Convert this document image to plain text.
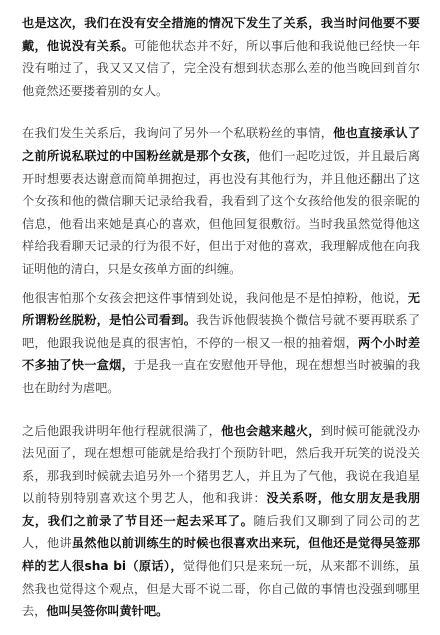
也是这次，我们在没有安全措施的情况下发生了关系，我当时问他要不要戴，他说没有关系。可能他状态并不好，所以事后他和我说他已经快一年没有啪过了，我又又又信了，完全没有想到状态那么差的他当晚回到首尔他竟然还要搂着别的女人。

在我们发生关系后，我询问了另外一个私联粉丝的事情，他也直接承认了之前所说私联过的中国粉丝就是那个女孩，他们一起吃过饭，并且最后离开时想要表达谢意而简单拥抱过，再也没有其他行为，并且他还翻出了这个女孩和他的微信聊天记录给我看，我看到了这个女孩给他发的很亲昵的信息，他看出来她是真心的喜欢，但他回复很敷衍。当时我虽然觉得他这样给我看聊天记录的行为很不好，但出于对他的喜欢，我理解成他在向我证明他的清白，只是女孩单方面的纠缠。

他很害怕那个女孩会把这件事情到处说，我问他是不是怕掉粉，他说，无所谓粉丝脱粉，是怕公司看到。我告诉他假装换个微信号就不要再联系了吧，他跟我说他是真的很害怕，不停的一根又一根的抽着烟，两个小时差不多抽了快一盒烟，于是我一直在安慰他开导他，现在想想当时被骗的我也在助纣为虐吧。

之后他跟我讲明年他行程就很满了，他也会越来越火，到时候可能就没办法见面了，现在想想可能就是给我打个预防针吧，然后我开玩笑的说没关系，那我到时候就去追另外一个猪男艺人，并且为了气他，我说在我追星以前特别特别喜欢这个男艺人，他和我讲：没关系呀，他女朋友是我朋友，我们之前录了节目还一起去采耳了。随后我们又聊到了同公司的艺人，他讲虽然他以前训练生的时候也很喜欢出来玩，但他还是觉得吴签那样的艺人很sha bi（原话），觉得他们只是来玩一玩，从来都不训练，虽然我也觉得这个观点，但是大哥不说二哥，你自己做的事情也没强到哪里去，他叫吴签你叫黄针吧。
